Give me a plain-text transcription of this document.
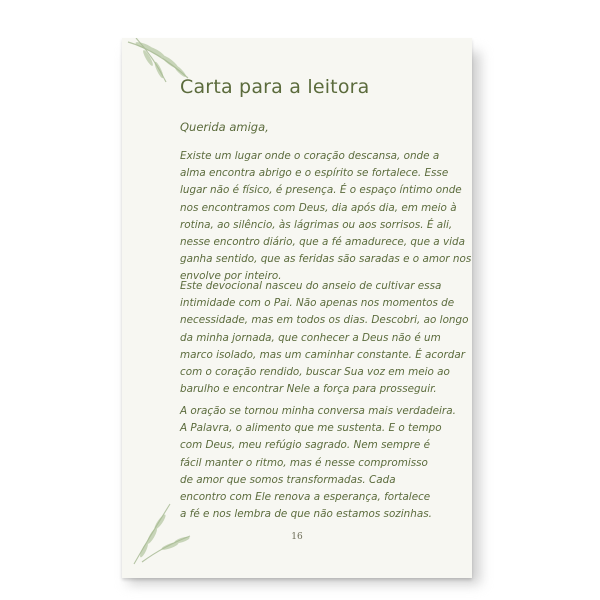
Carta para a leitora
Querida amiga,
Existe um lugar onde o coração descansa, onde a
alma encontra abrigo e o espírito se fortalece. Esse
lugar não é físico, é presença. É o espaço íntimo onde
nos encontramos com Deus, dia após dia, em meio à
rotina, ao silêncio, às lágrimas ou aos sorrisos. É ali,
nesse encontro diário, que a fé amadurece, que a vida
ganha sentido, que as feridas são saradas e o amor nos
envolve por inteiro.
Este devocional nasceu do anseio de cultivar essa
intimidade com o Pai. Não apenas nos momentos de
necessidade, mas em todos os dias. Descobri, ao longo
da minha jornada, que conhecer a Deus não é um
marco isolado, mas um caminhar constante. É acordar
com o coração rendido, buscar Sua voz em meio ao
barulho e encontrar Nele a força para prosseguir.
A oração se tornou minha conversa mais verdadeira.
A Palavra, o alimento que me sustenta. E o tempo
com Deus, meu refúgio sagrado. Nem sempre é
fácil manter o ritmo, mas é nesse compromisso
de amor que somos transformadas. Cada
encontro com Ele renova a esperança, fortalece
a fé e nos lembra de que não estamos sozinhas.
16
